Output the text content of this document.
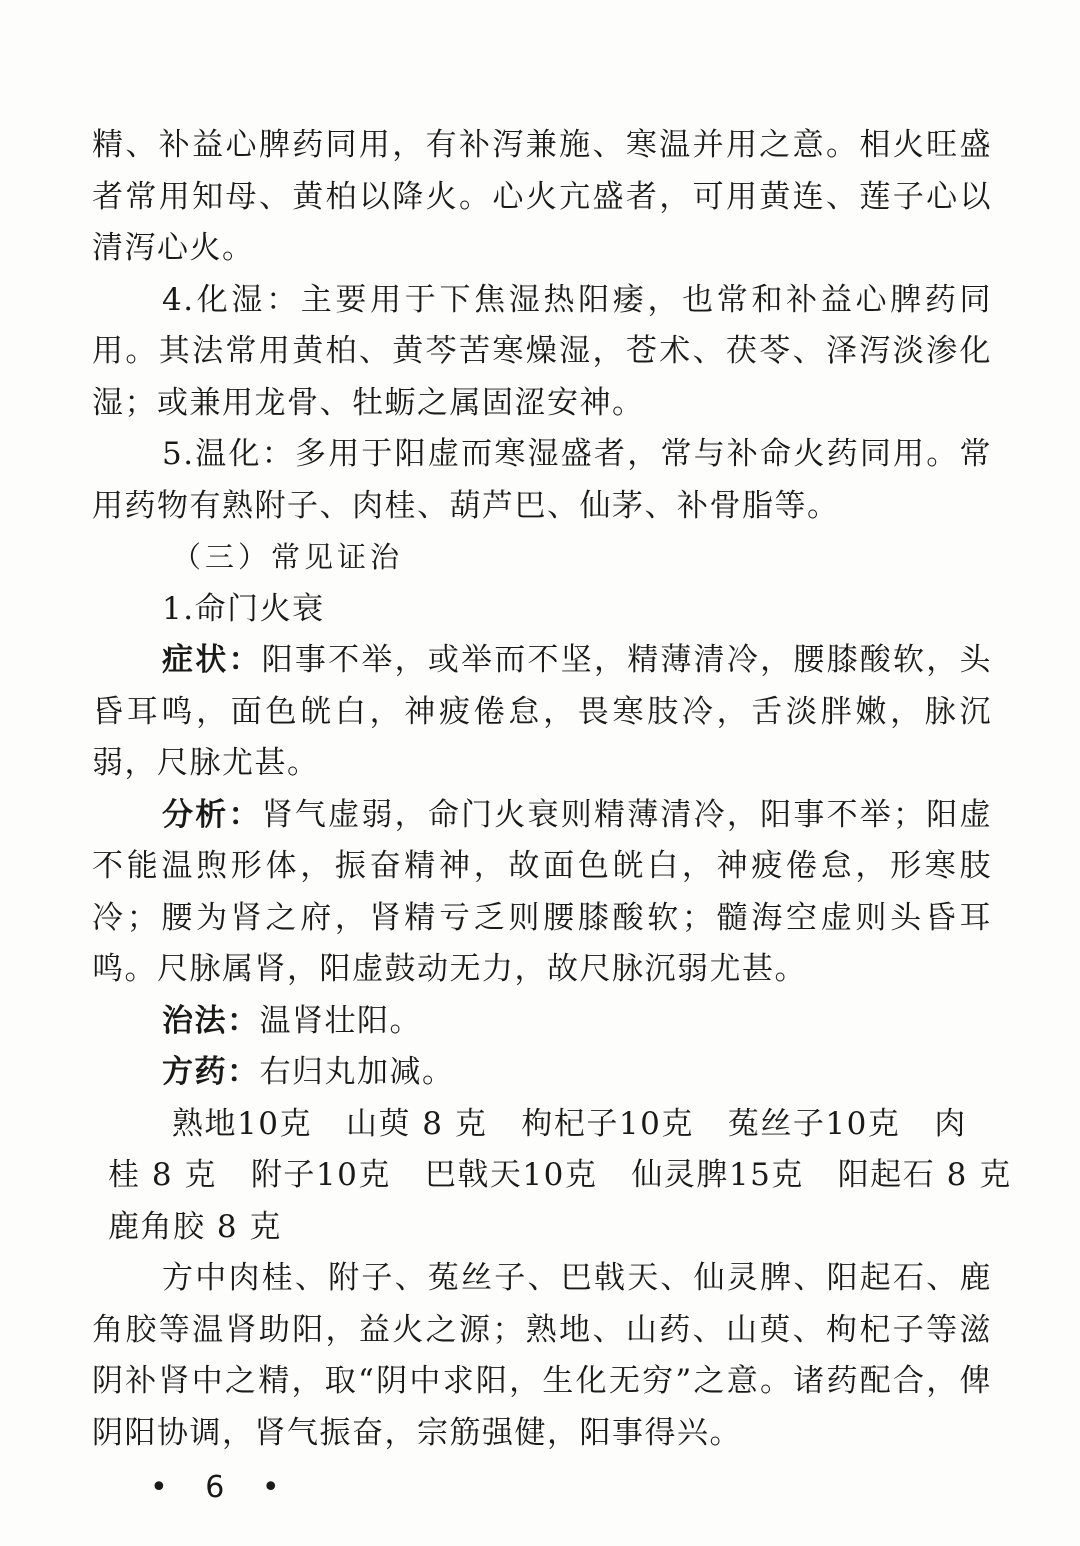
精、补益心脾药同用，有补泻兼施、寒温并用之意。相火旺盛者常用知母、黄柏以降火。心火亢盛者，可用黄连、莲子心以清泻心火。

4.化湿：主要用于下焦湿热阳痿，也常和补益心脾药同用。其法常用黄柏、黄芩苦寒燥湿，苍术、茯苓、泽泻淡渗化湿；或兼用龙骨、牡蛎之属固涩安神。

5.温化：多用于阳虚而寒湿盛者，常与补命火药同用。常用药物有熟附子、肉桂、葫芦巴、仙茅、补骨脂等。

（三）常见证治

1.命门火衰

症状：阳事不举，或举而不坚，精薄清冷，腰膝酸软，头昏耳鸣，面色㿠白，神疲倦怠，畏寒肢冷，舌淡胖嫩，脉沉弱，尺脉尤甚。

分析：肾气虚弱，命门火衰则精薄清冷，阳事不举；阳虚不能温煦形体，振奋精神，故面色㿠白，神疲倦怠，形寒肢冷；腰为肾之府，肾精亏乏则腰膝酸软；髓海空虚则头昏耳鸣。尺脉属肾，阳虚鼓动无力，故尺脉沉弱尤甚。

治法：温肾壮阳。

方药：右归丸加减。

熟地10克 山萸 8 克 枸杞子10克 菟丝子10克 肉

桂 8 克 附子10克 巴戟天10克 仙灵脾15克 阳起石 8 克

鹿角胶 8 克

方中肉桂、附子、菟丝子、巴戟天、仙灵脾、阳起石、鹿角胶等温肾助阳，益火之源；熟地、山药、山萸、枸杞子等滋阴补肾中之精，取“阴中求阳，生化无穷”之意。诸药配合，俾阴阳协调，肾气振奋，宗筋强健，阳事得兴。

• 6 •
